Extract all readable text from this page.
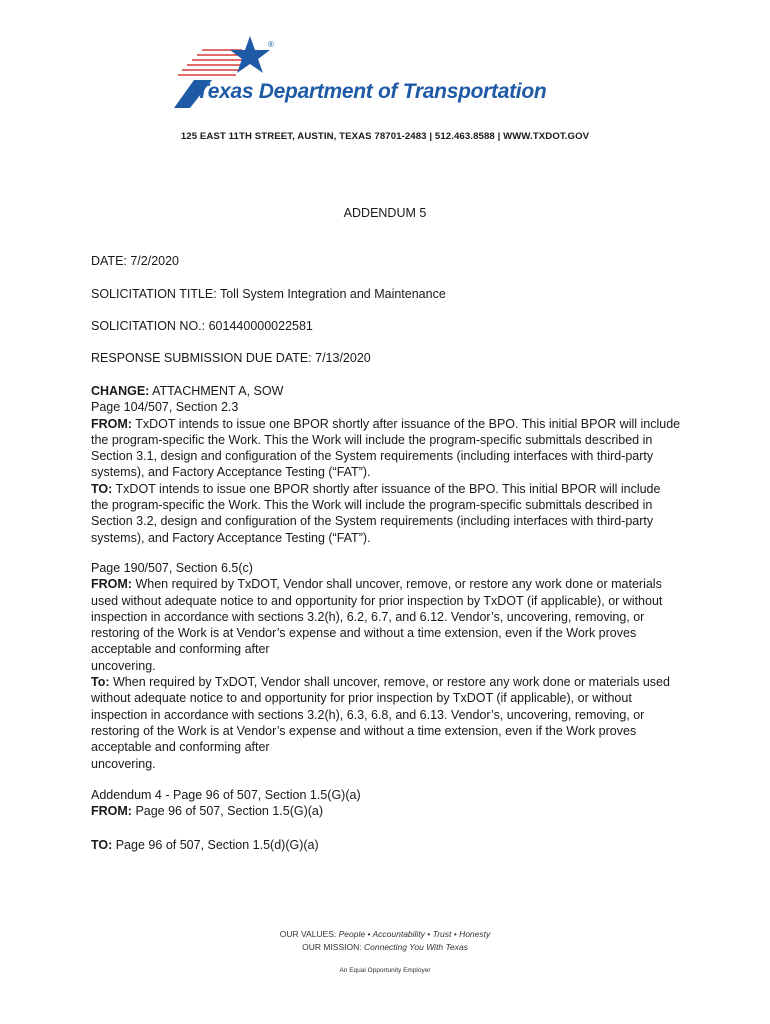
®
Texas Department of Transportation
125 EAST 11TH STREET, AUSTIN, TEXAS 78701-2483 | 512.463.8588 | WWW.TXDOT.GOV
ADDENDUM 5
DATE: 7/2/2020
SOLICITATION TITLE: Toll System Integration and Maintenance
SOLICITATION NO.: 601440000022581
RESPONSE SUBMISSION DUE DATE: 7/13/2020

CHANGE: ATTACHMENT A, SOW

Page 104/507, Section 2.3

FROM: TxDOT intends to issue one BPOR shortly after issuance of the BPO. This initial BPOR will include the program-specific the Work. This the Work will include the program-specific submittals described in Section 3.1, design and configuration of the System requirements (including interfaces with third-party systems), and Factory Acceptance Testing (“FAT”).

TO: TxDOT intends to issue one BPOR shortly after issuance of the BPO. This initial BPOR will include the program-specific the Work. This the Work will include the program-specific submittals described in Section 3.2, design and configuration of the System requirements (including interfaces with third-party systems), and Factory Acceptance Testing (“FAT”).

Page 190/507, Section 6.5(c)

FROM: When required by TxDOT, Vendor shall uncover, remove, or restore any work done or materials used without adequate notice to and opportunity for prior inspection by TxDOT (if applicable), or without inspection in accordance with sections 3.2(h), 6.2, 6.7, and 6.12. Vendor’s, uncovering, removing, or restoring of the Work is at Vendor’s expense and without a time extension, even if the Work proves acceptable and conforming after

uncovering.

To: When required by TxDOT, Vendor shall uncover, remove, or restore any work done or materials used without adequate notice to and opportunity for prior inspection by TxDOT (if applicable), or without inspection in accordance with sections 3.2(h), 6.3, 6.8, and 6.13. Vendor’s, uncovering, removing, or restoring of the Work is at Vendor’s expense and without a time extension, even if the Work proves acceptable and conforming after

uncovering.

Addendum 4 - Page 96 of 507, Section 1.5(G)(a)

FROM: Page 96 of 507, Section 1.5(G)(a)

TO: Page 96 of 507, Section 1.5(d)(G)(a)

OUR VALUES: People • Accountability • Trust • Honesty
OUR MISSION: Connecting You With Texas
An Equal Opportunity Employer
